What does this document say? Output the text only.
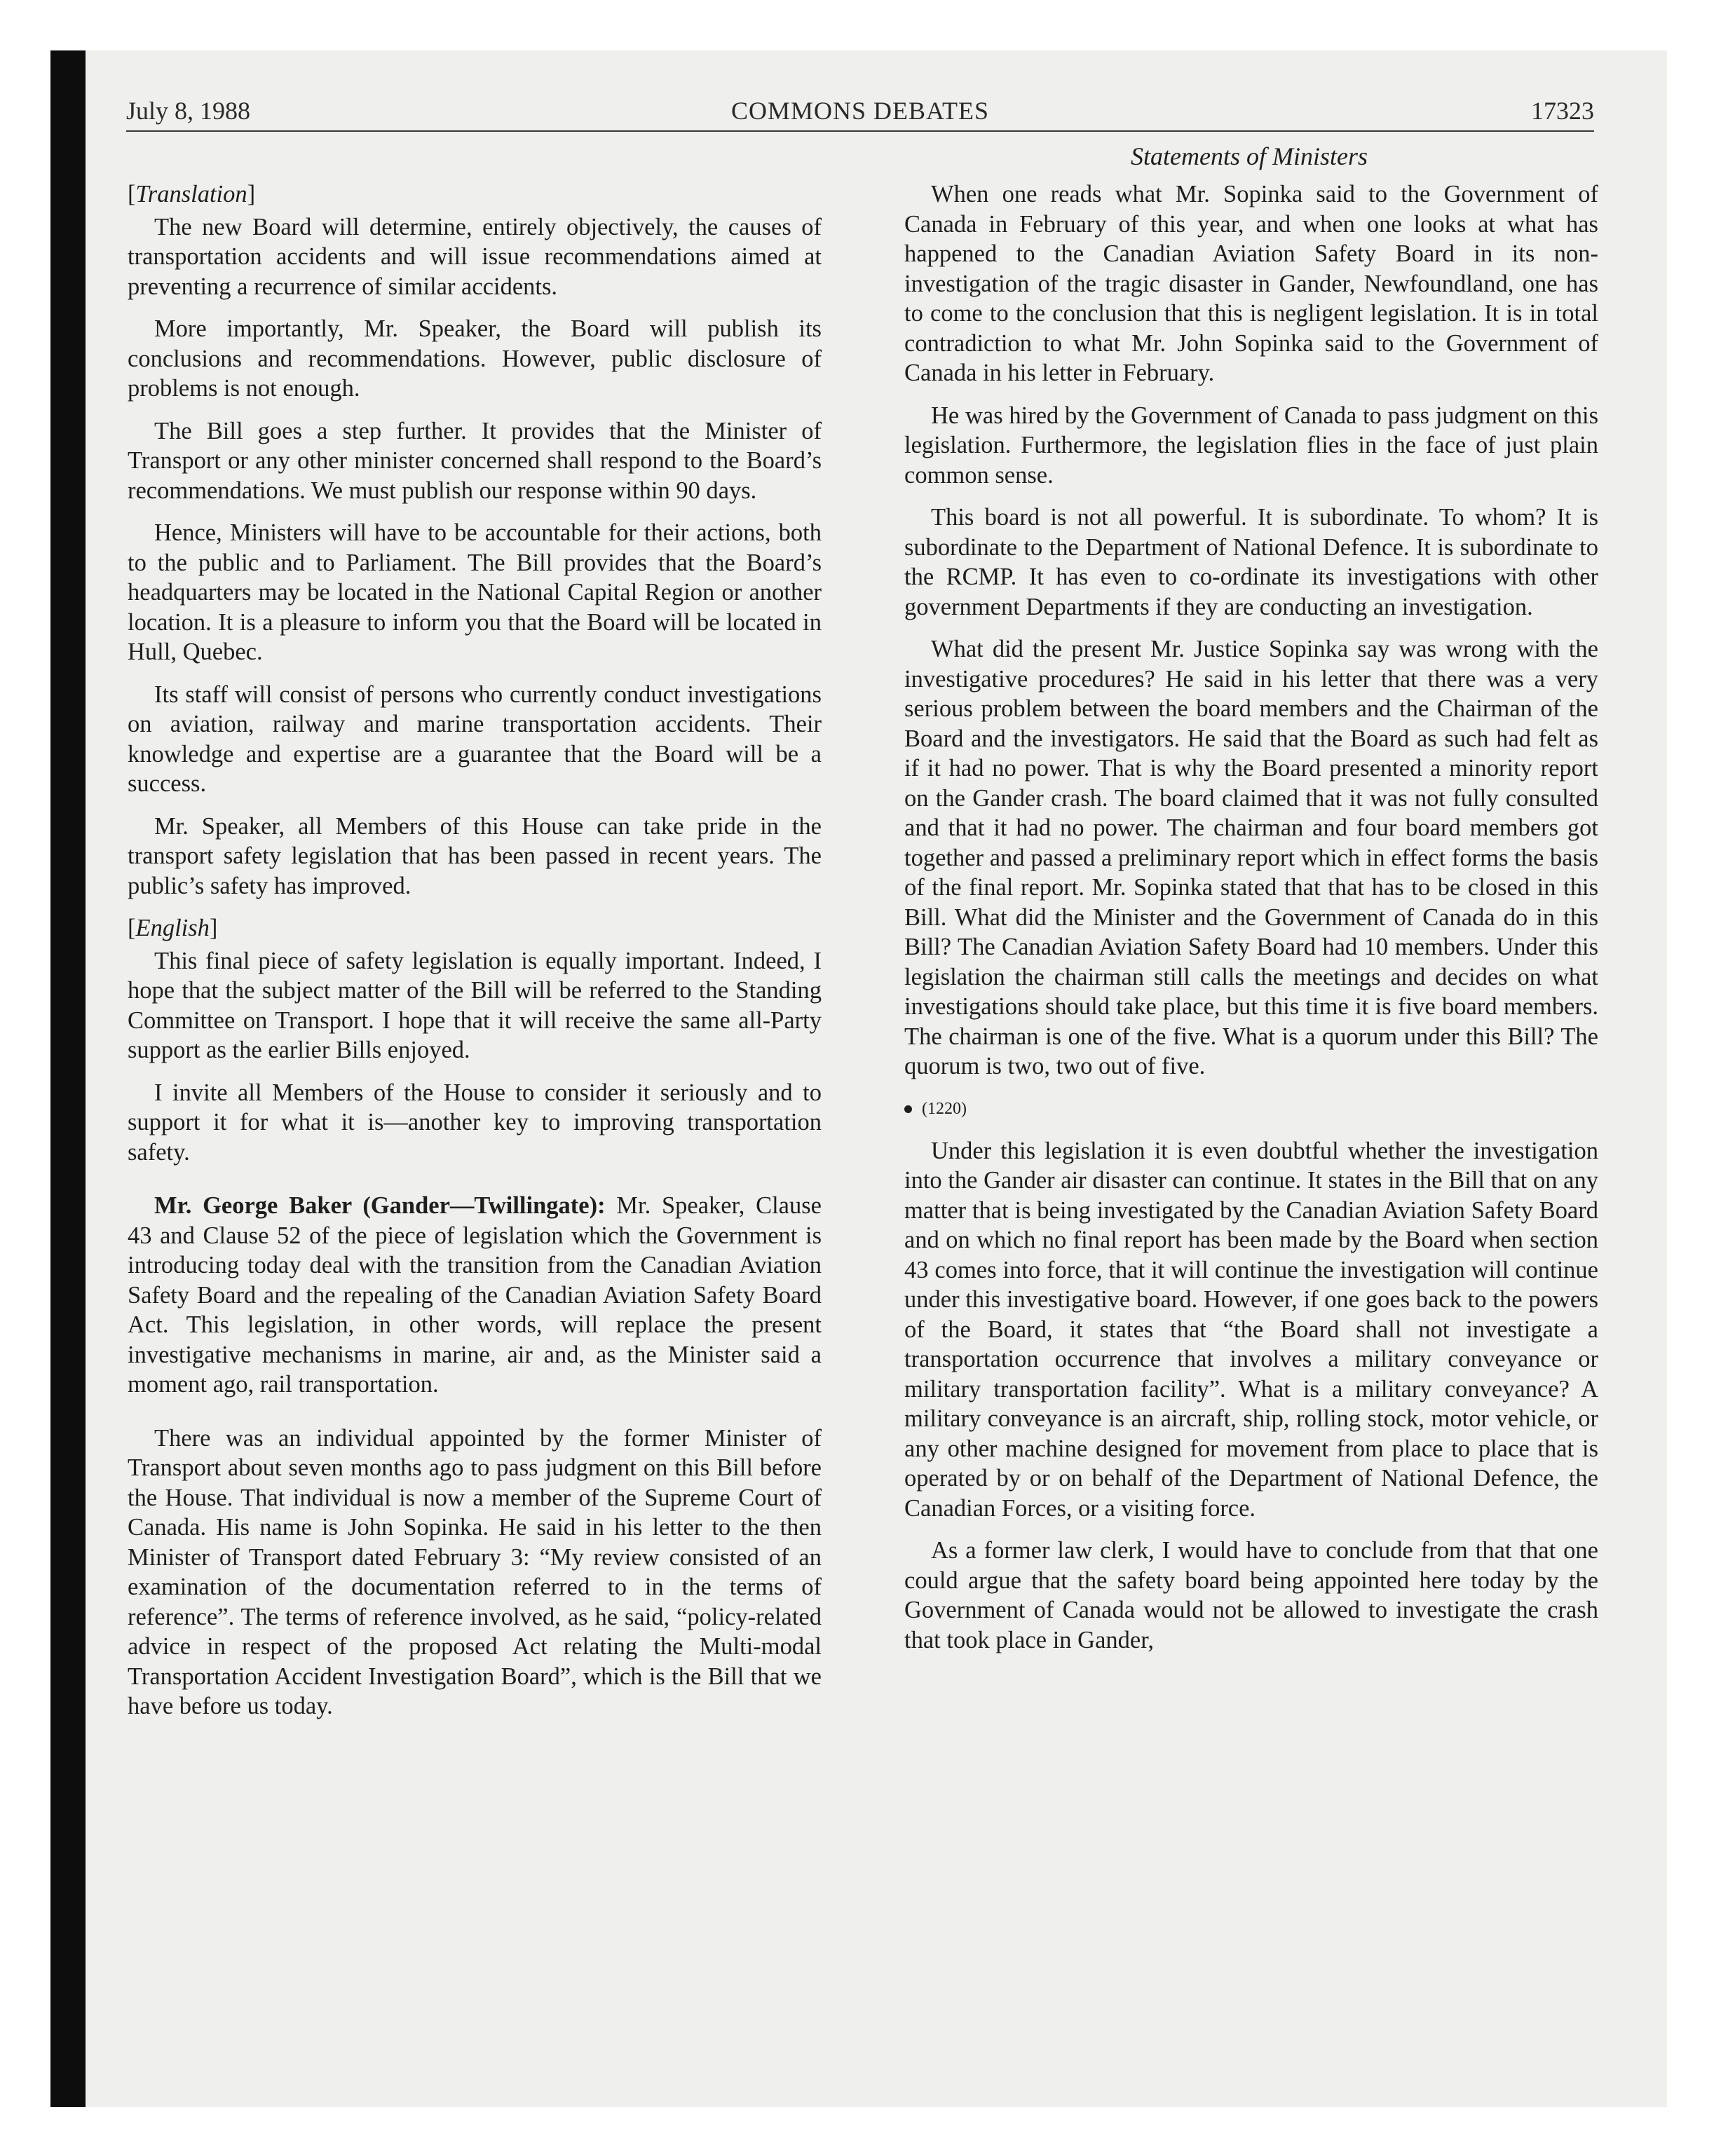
July 8, 1988	COMMONS DEBATES	17323
Statements of Ministers

[Translation]

The new Board will determine, entirely objectively, the causes of transportation accidents and will issue recommendations aimed at preventing a recurrence of similar accidents.

More importantly, Mr. Speaker, the Board will publish its conclusions and recommendations. However, public disclosure of problems is not enough.

The Bill goes a step further. It provides that the Minister of Transport or any other minister concerned shall respond to the Board’s recommendations. We must publish our response within 90 days.

Hence, Ministers will have to be accountable for their actions, both to the public and to Parliament. The Bill provides that the Board’s headquarters may be located in the National Capital Region or another location. It is a pleasure to inform you that the Board will be located in Hull, Quebec.

Its staff will consist of persons who currently conduct investigations on aviation, railway and marine transportation accidents. Their knowledge and expertise are a guarantee that the Board will be a success.

Mr. Speaker, all Members of this House can take pride in the transport safety legislation that has been passed in recent years. The public’s safety has improved.

[English]

This final piece of safety legislation is equally important. Indeed, I hope that the subject matter of the Bill will be referred to the Standing Committee on Transport. I hope that it will receive the same all-Party support as the earlier Bills enjoyed.

I invite all Members of the House to consider it seriously and to support it for what it is—another key to improving transportation safety.

Mr. George Baker (Gander—Twillingate): Mr. Speaker, Clause 43 and Clause 52 of the piece of legislation which the Government is introducing today deal with the transition from the Canadian Aviation Safety Board and the repealing of the Canadian Aviation Safety Board Act. This legislation, in other words, will replace the present investigative mechanisms in marine, air and, as the Minister said a moment ago, rail transportation.

There was an individual appointed by the former Minister of Transport about seven months ago to pass judgment on this Bill before the House. That individual is now a member of the Supreme Court of Canada. His name is John Sopinka. He said in his letter to the then Minister of Transport dated February 3: “My review consisted of an examination of the documentation referred to in the terms of reference”. The terms of reference involved, as he said, “policy-related advice in respect of the proposed Act relating the Multi-modal Transportation Accident Investigation Board”, which is the Bill that we have before us today.

When one reads what Mr. Sopinka said to the Government of Canada in February of this year, and when one looks at what has happened to the Canadian Aviation Safety Board in its non-investigation of the tragic disaster in Gander, Newfoundland, one has to come to the conclusion that this is negligent legislation. It is in total contradiction to what Mr. John Sopinka said to the Government of Canada in his letter in February.

He was hired by the Government of Canada to pass judgment on this legislation. Furthermore, the legislation flies in the face of just plain common sense.

This board is not all powerful. It is subordinate. To whom? It is subordinate to the Department of National Defence. It is subordinate to the RCMP. It has even to co-ordinate its investigations with other government Departments if they are conducting an investigation.

What did the present Mr. Justice Sopinka say was wrong with the investigative procedures? He said in his letter that there was a very serious problem between the board members and the Chairman of the Board and the investigators. He said that the Board as such had felt as if it had no power. That is why the Board presented a minority report on the Gander crash. The board claimed that it was not fully consulted and that it had no power. The chairman and four board members got together and passed a preliminary report which in effect forms the basis of the final report. Mr. Sopinka stated that that has to be closed in this Bill. What did the Minister and the Government of Canada do in this Bill? The Canadian Aviation Safety Board had 10 members. Under this legislation the chairman still calls the meetings and decides on what investigations should take place, but this time it is five board members. The chairman is one of the five. What is a quorum under this Bill? The quorum is two, two out of five.

(1220)

Under this legislation it is even doubtful whether the investigation into the Gander air disaster can continue. It states in the Bill that on any matter that is being investigated by the Canadian Aviation Safety Board and on which no final report has been made by the Board when section 43 comes into force, that it will continue the investigation will continue under this investigative board. However, if one goes back to the powers of the Board, it states that “the Board shall not investigate a transportation occurrence that involves a military conveyance or military transportation facility”. What is a military conveyance? A military conveyance is an aircraft, ship, rolling stock, motor vehicle, or any other machine designed for movement from place to place that is operated by or on behalf of the Department of National Defence, the Canadian Forces, or a visiting force.

As a former law clerk, I would have to conclude from that that one could argue that the safety board being appointed here today by the Government of Canada would not be allowed to investigate the crash that took place in Gander,
